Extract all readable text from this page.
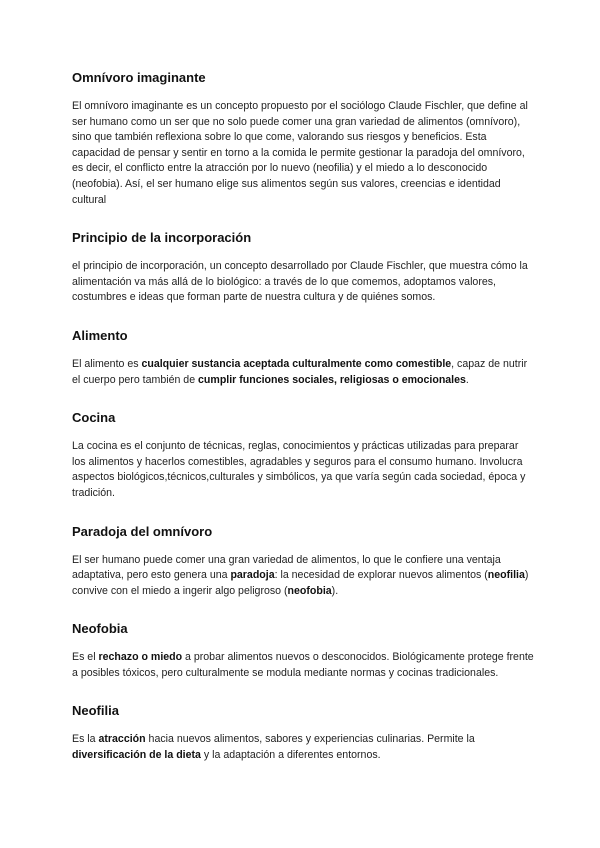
Omnívoro imaginante

El omnívoro imaginante es un concepto propuesto por el sociólogo Claude Fischler, que define al ser humano como un ser que no solo puede comer una gran variedad de alimentos (omnívoro), sino que también reflexiona sobre lo que come, valorando sus riesgos y beneficios. Esta capacidad de pensar y sentir en torno a la comida le permite gestionar la paradoja del omnívoro, es decir, el conflicto entre la atracción por lo nuevo (neofilia) y el miedo a lo desconocido (neofobia). Así, el ser humano elige sus alimentos según sus valores, creencias e identidad cultural

Principio de la incorporación

el principio de incorporación, un concepto desarrollado por Claude Fischler, que muestra cómo la alimentación va más allá de lo biológico: a través de lo que comemos, adoptamos valores, costumbres e ideas que forman parte de nuestra cultura y de quiénes somos.

Alimento

El alimento es cualquier sustancia aceptada culturalmente como comestible, capaz de nutrir el cuerpo pero también de cumplir funciones sociales, religiosas o emocionales.

Cocina

La cocina es el conjunto de técnicas, reglas, conocimientos y prácticas utilizadas para preparar los alimentos y hacerlos comestibles, agradables y seguros para el consumo humano. Involucra aspectos biológicos,técnicos,culturales y simbólicos, ya que varía según cada sociedad, época y tradición.

Paradoja del omnívoro

El ser humano puede comer una gran variedad de alimentos, lo que le confiere una ventaja adaptativa, pero esto genera una paradoja: la necesidad de explorar nuevos alimentos (neofilia) convive con el miedo a ingerir algo peligroso (neofobia).

Neofobia

Es el rechazo o miedo a probar alimentos nuevos o desconocidos. Biológicamente protege frente a posibles tóxicos, pero culturalmente se modula mediante normas y cocinas tradicionales.

Neofilia

Es la atracción hacia nuevos alimentos, sabores y experiencias culinarias. Permite la diversificación de la dieta y la adaptación a diferentes entornos.
